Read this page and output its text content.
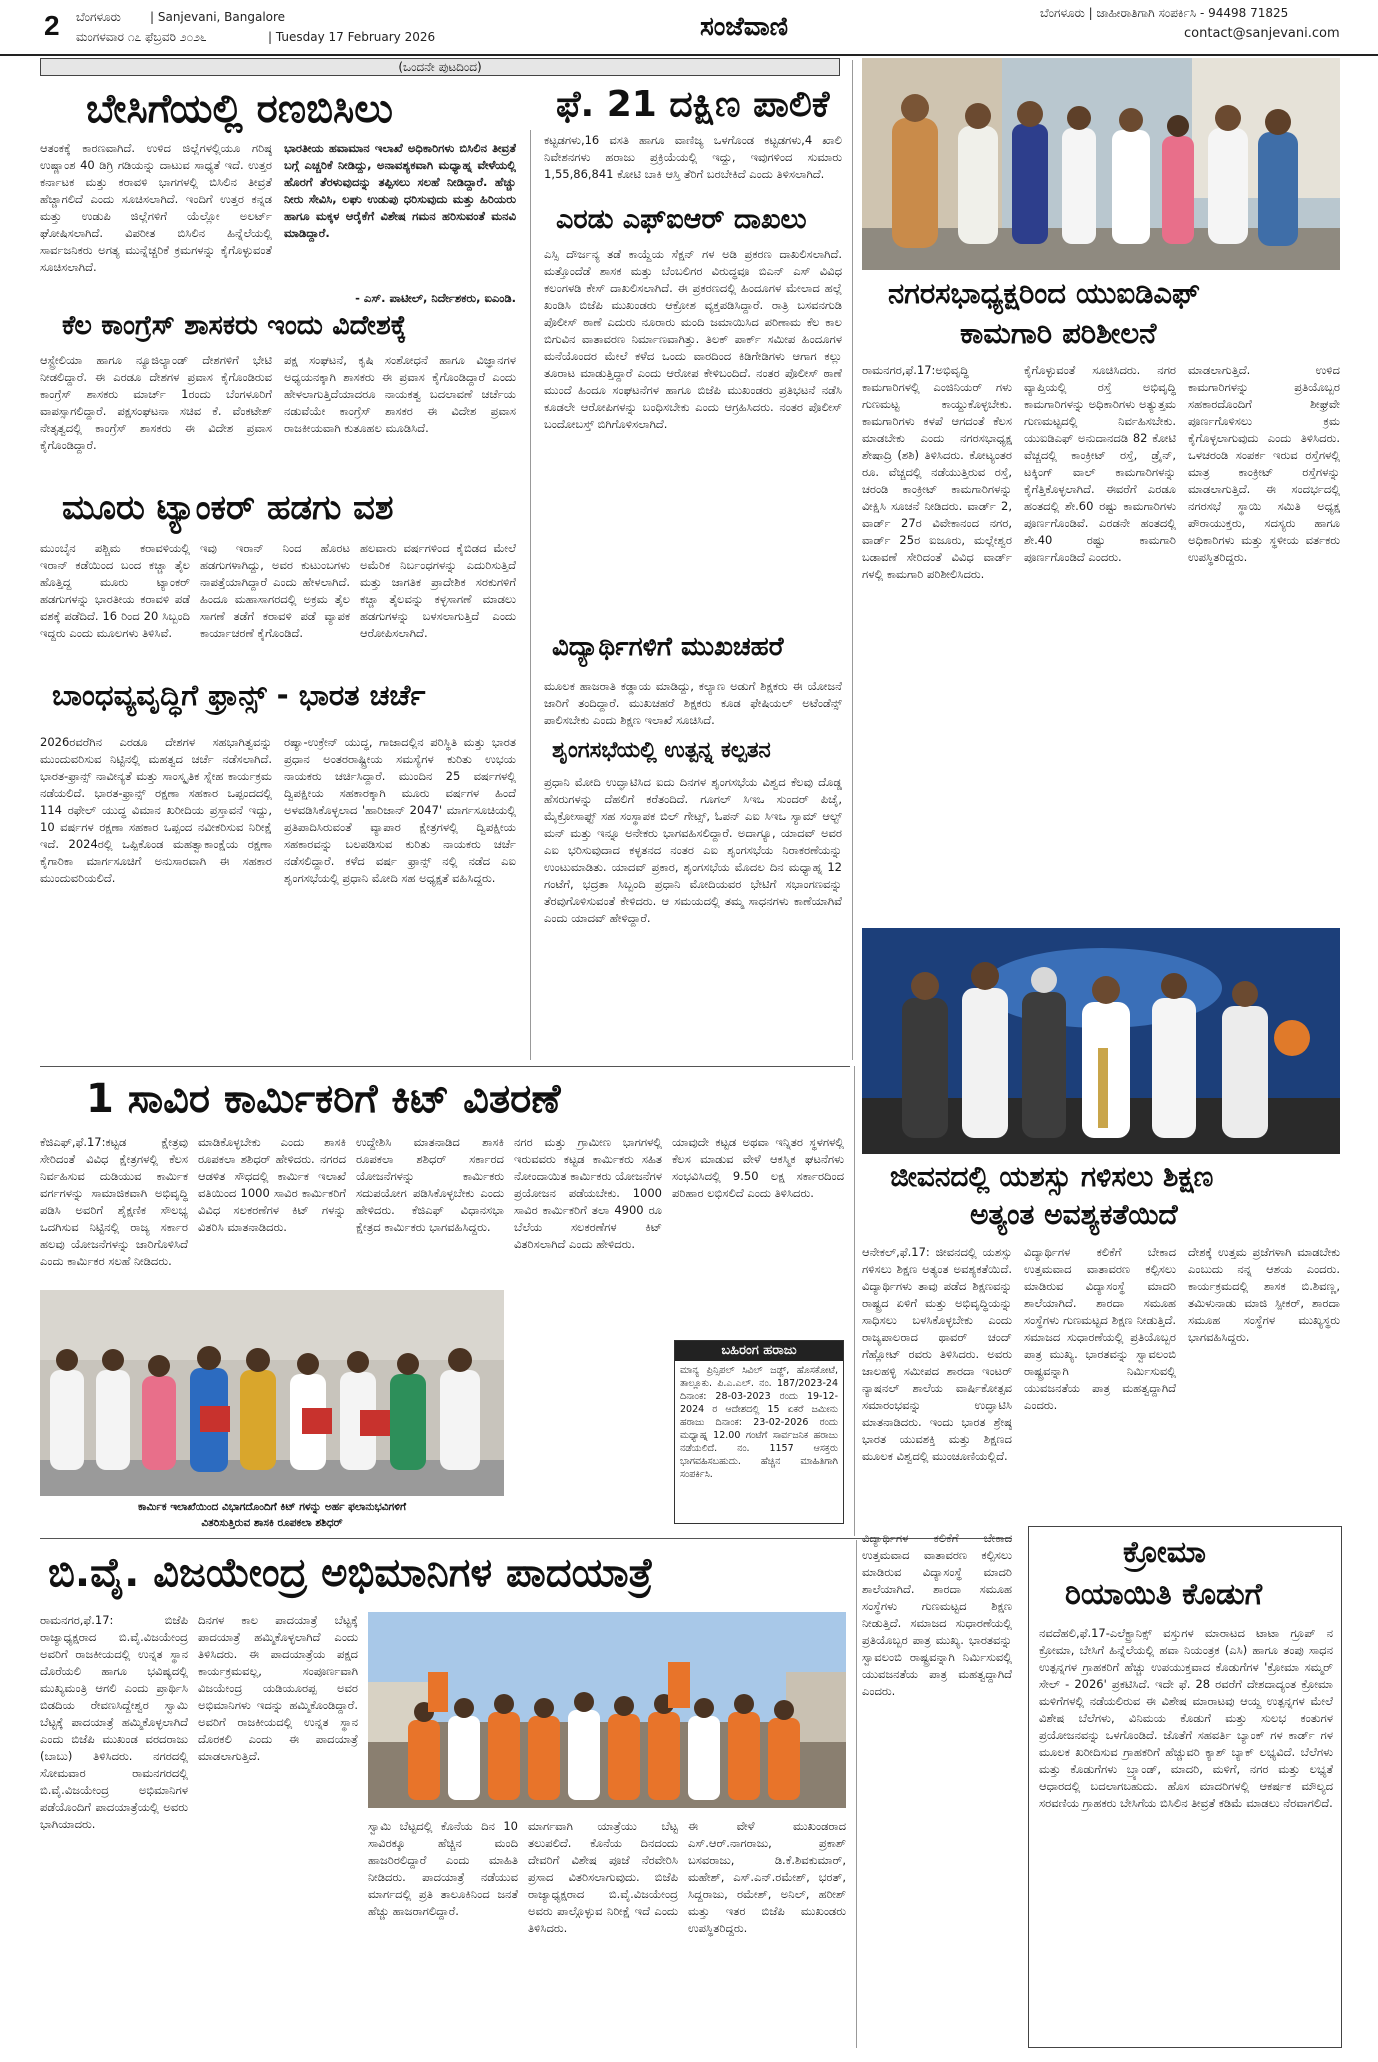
2 ಬೆಂಗಳೂರು | Sanjevani, Bangalore
ಮಂಗಳವಾರ ೧೭ ಫೆಬ್ರವರಿ ೨೦೨೬	| Tuesday 17 February 2026	ಸಂಜೆವಾಣಿ	ಬೆಂಗಳೂರು | ಜಾಹೀರಾತಿಗಾಗಿ ಸಂಪರ್ಕಿಸಿ - 94498 71825
contact@sanjevani.com
(ಒಂದನೇ ಪುಟದಿಂದ)
ಬೇಸಿಗೆಯಲ್ಲಿ ರಣಬಿಸಿಲು
ಆತಂಕಕ್ಕೆ ಕಾರಣವಾಗಿದೆ. ಉಳಿದ ಜಿಲ್ಲೆಗಳಲ್ಲಿಯೂ ಗರಿಷ್ಠ ಉಷ್ಣಾಂಶ 40 ಡಿಗ್ರಿ ಗಡಿಯನ್ನು ದಾಟುವ ಸಾಧ್ಯತೆ ಇದೆ. ಉತ್ತರ ಕರ್ನಾಟಕ ಮತ್ತು ಕರಾವಳಿ ಭಾಗಗಳಲ್ಲಿ ಬಿಸಿಲಿನ ತೀವ್ರತೆ ಹೆಚ್ಚಾಗಲಿದೆ ಎಂದು ಸೂಚಿಸಲಾಗಿದೆ. ಇಂದಿಗೆ ಉತ್ತರ ಕನ್ನಡ ಮತ್ತು ಉಡುಪಿ ಜಿಲ್ಲೆಗಳಿಗೆ ಯೆಲ್ಲೋ ಅಲರ್ಟ್ ಘೋಷಿಸಲಾಗಿದೆ. ವಿಪರೀತ ಬಿಸಿಲಿನ ಹಿನ್ನೆಲೆಯಲ್ಲಿ ಸಾರ್ವಜನಿಕರು ಅಗತ್ಯ ಮುನ್ನೆಚ್ಚರಿಕೆ ಕ್ರಮಗಳನ್ನು ಕೈಗೊಳ್ಳುವಂತೆ ಸೂಚಿಸಲಾಗಿದೆ.
ಭಾರತೀಯ ಹವಾಮಾನ ಇಲಾಖೆ ಅಧಿಕಾರಿಗಳು ಬಿಸಿಲಿನ ತೀವ್ರತೆ ಬಗ್ಗೆ ಎಚ್ಚರಿಕೆ ನೀಡಿದ್ದು, ಅನಾವಶ್ಯಕವಾಗಿ ಮಧ್ಯಾಹ್ನ ವೇಳೆಯಲ್ಲಿ ಹೊರಗೆ ತೆರಳುವುದನ್ನು ತಪ್ಪಿಸಲು ಸಲಹೆ ನೀಡಿದ್ದಾರೆ. ಹೆಚ್ಚು ನೀರು ಸೇವಿಸಿ, ಲಘು ಉಡುಪು ಧರಿಸುವುದು ಮತ್ತು ಹಿರಿಯರು ಹಾಗೂ ಮಕ್ಕಳ ಆರೈಕೆಗೆ ವಿಶೇಷ ಗಮನ ಹರಿಸುವಂತೆ ಮನವಿ ಮಾಡಿದ್ದಾರೆ.
- ಎಸ್. ಪಾಟೀಲ್, ನಿರ್ದೇಶಕರು, ಐಎಂಡಿ.
ಕೆಲ ಕಾಂಗ್ರೆಸ್ ಶಾಸಕರು ಇಂದು ವಿದೇಶಕ್ಕೆ
ಆಸ್ಟ್ರೇಲಿಯಾ ಹಾಗೂ ನ್ಯೂಜಿಲ್ಯಾಂಡ್ ದೇಶಗಳಿಗೆ ಭೇಟಿ ನೀಡಲಿದ್ದಾರೆ. ಈ ಎರಡೂ ದೇಶಗಳ ಪ್ರವಾಸ ಕೈಗೊಂಡಿರುವ ಕಾಂಗ್ರೆಸ್ ಶಾಸಕರು ಮಾರ್ಚ್ 1ರಂದು ಬೆಂಗಳೂರಿಗೆ ವಾಪಸ್ಸಾಗಲಿದ್ದಾರೆ. ಪಕ್ಷಸಂಘಟನಾ ಸಚಿವ ಕೆ. ವೆಂಕಟೇಶ್ ನೇತೃತ್ವದಲ್ಲಿ ಕಾಂಗ್ರೆಸ್ ಶಾಸಕರು ಈ ವಿದೇಶ ಪ್ರವಾಸ ಕೈಗೊಂಡಿದ್ದಾರೆ.
ಪಕ್ಷ ಸಂಘಟನೆ, ಕೃಷಿ ಸಂಶೋಧನೆ ಹಾಗೂ ವಿಜ್ಞಾನಗಳ ಅಧ್ಯಯನಕ್ಕಾಗಿ ಶಾಸಕರು ಈ ಪ್ರವಾಸ ಕೈಗೊಂಡಿದ್ದಾರೆ ಎಂದು ಹೇಳಲಾಗುತ್ತಿದೆಯಾದರೂ ನಾಯಕತ್ವ ಬದಲಾವಣೆ ಚರ್ಚೆಯ ನಡುವೆಯೇ ಕಾಂಗ್ರೆಸ್ ಶಾಸಕರ ಈ ವಿದೇಶ ಪ್ರವಾಸ ರಾಜಕೀಯವಾಗಿ ಕುತೂಹಲ ಮೂಡಿಸಿದೆ.
ಮೂರು ಟ್ಯಾಂಕರ್ ಹಡಗು ವಶ
ಮುಂಬೈನ ಪಶ್ಚಿಮ ಕರಾವಳಿಯಲ್ಲಿ ಇರಾನ್ ಕಡೆಯಿಂದ ಬಂದ ಕಚ್ಚಾ ತೈಲ ಹೊತ್ತಿದ್ದ ಮೂರು ಟ್ಯಾಂಕರ್ ಹಡಗುಗಳನ್ನು ಭಾರತೀಯ ಕರಾವಳಿ ಪಡೆ ವಶಕ್ಕೆ ಪಡೆದಿದೆ. 16 ರಿಂದ 20 ಸಿಬ್ಬಂದಿ ಇದ್ದರು ಎಂದು ಮೂಲಗಳು ತಿಳಿಸಿವೆ.
ಇವು ಇರಾನ್ ನಿಂದ ಹೊರಟ ಹಡಗುಗಳಾಗಿದ್ದು, ಅವರ ಕುಟುಂಬಗಳು ನಾಪತ್ತೆಯಾಗಿದ್ದಾರೆ ಎಂದು ಹೇಳಲಾಗಿದೆ. ಹಿಂದೂ ಮಹಾಸಾಗರದಲ್ಲಿ ಅಕ್ರಮ ತೈಲ ಸಾಗಣೆ ತಡೆಗೆ ಕರಾವಳಿ ಪಡೆ ವ್ಯಾಪಕ ಕಾರ್ಯಾಚರಣೆ ಕೈಗೊಂಡಿದೆ.
ಹಲವಾರು ವರ್ಷಗಳಿಂದ ಕೈಬಿಡದ ಮೇಲೆ ಅಮೆರಿಕ ನಿರ್ಬಂಧಗಳನ್ನು ಎದುರಿಸುತ್ತಿದೆ ಮತ್ತು ಜಾಗತಿಕ ಪ್ರಾದೇಶಿಕ ಸರಕುಗಳಿಗೆ ಕಚ್ಚಾ ತೈಲವನ್ನು ಕಳ್ಳಸಾಗಣೆ ಮಾಡಲು ಹಡಗುಗಳನ್ನು ಬಳಸಲಾಗುತ್ತಿದೆ ಎಂದು ಆರೋಪಿಸಲಾಗಿದೆ.
ಬಾಂಧವ್ಯವೃದ್ಧಿಗೆ ಫ್ರಾನ್ಸ್ - ಭಾರತ ಚರ್ಚೆ
2026ರವರೆಗಿನ ಎರಡೂ ದೇಶಗಳ ಸಹಭಾಗಿತ್ವವನ್ನು ಮುಂದುವರಿಸುವ ನಿಟ್ಟಿನಲ್ಲಿ ಮಹತ್ವದ ಚರ್ಚೆ ನಡೆಸಲಾಗಿದೆ. ಭಾರತ-ಫ್ರಾನ್ಸ್ ನಾವೀನ್ಯತೆ ಮತ್ತು ಸಾಂಸ್ಕೃತಿಕ ಸ್ನೇಹ ಕಾರ್ಯಕ್ರಮ ನಡೆಯಲಿದೆ. ಭಾರತ-ಫ್ರಾನ್ಸ್ ರಕ್ಷಣಾ ಸಹಕಾರ ಒಪ್ಪಂದದಲ್ಲಿ 114 ರಫೇಲ್ ಯುದ್ಧ ವಿಮಾನ ಖರೀದಿಯ ಪ್ರಸ್ತಾವನೆ ಇದ್ದು, 10 ವರ್ಷಗಳ ರಕ್ಷಣಾ ಸಹಕಾರ ಒಪ್ಪಂದ ನವೀಕರಿಸುವ ನಿರೀಕ್ಷೆ ಇದೆ. 2024ರಲ್ಲಿ ಒಪ್ಪಿಕೊಂಡ ಮಹತ್ವಾಕಾಂಕ್ಷೆಯ ರಕ್ಷಣಾ ಕೈಗಾರಿಕಾ ಮಾರ್ಗಸೂಚಿಗೆ ಅನುಸಾರವಾಗಿ ಈ ಸಹಕಾರ ಮುಂದುವರಿಯಲಿದೆ.
ರಷ್ಯಾ-ಉಕ್ರೇನ್ ಯುದ್ಧ, ಗಾಜಾದಲ್ಲಿನ ಪರಿಸ್ಥಿತಿ ಮತ್ತು ಭಾರತ ಪ್ರಧಾನ ಅಂತರರಾಷ್ಟ್ರೀಯ ಸಮಸ್ಯೆಗಳ ಕುರಿತು ಉಭಯ ನಾಯಕರು ಚರ್ಚಿಸಿದ್ದಾರೆ. ಮುಂದಿನ 25 ವರ್ಷಗಳಲ್ಲಿ ದ್ವಿಪಕ್ಷೀಯ ಸಹಕಾರಕ್ಕಾಗಿ ಮೂರು ವರ್ಷಗಳ ಹಿಂದೆ ಅಳವಡಿಸಿಕೊಳ್ಳಲಾದ 'ಹಾರಿಜಾನ್ 2047' ಮಾರ್ಗಸೂಚಿಯಲ್ಲಿ ಪ್ರತಿಪಾದಿಸಿರುವಂತೆ ವ್ಯಾಪಾರ ಕ್ಷೇತ್ರಗಳಲ್ಲಿ ದ್ವಿಪಕ್ಷೀಯ ಸಹಕಾರವನ್ನು ಬಲಪಡಿಸುವ ಕುರಿತು ನಾಯಕರು ಚರ್ಚೆ ನಡೆಸಲಿದ್ದಾರೆ. ಕಳೆದ ವರ್ಷ ಫ್ರಾನ್ಸ್ ನಲ್ಲಿ ನಡೆದ ಎಐ ಶೃಂಗಸಭೆಯಲ್ಲಿ ಪ್ರಧಾನಿ ಮೋದಿ ಸಹ ಅಧ್ಯಕ್ಷತೆ ವಹಿಸಿದ್ದರು.
ಫೆ. 21 ದಕ್ಷಿಣ ಪಾಲಿಕೆ
ಕಟ್ಟಡಗಳು,16 ವಸತಿ ಹಾಗೂ ವಾಣಿಜ್ಯ ಒಳಗೊಂಡ ಕಟ್ಟಡಗಳು,4 ಖಾಲಿ ನಿವೇಶನಗಳು ಹರಾಜು ಪ್ರಕ್ರಿಯೆಯಲ್ಲಿ ಇದ್ದು, ಇವುಗಳಿಂದ ಸುಮಾರು 1,55,86,841 ಕೋಟಿ ಬಾಕಿ ಆಸ್ತಿ ತೆರಿಗೆ ಬರಬೇಕಿದೆ ಎಂದು ತಿಳಿಸಲಾಗಿದೆ.
ಎರಡು ಎಫ್‌ಐಆರ್ ದಾಖಲು
ಎಸ್ಸಿ ದೌರ್ಜನ್ಯ ತಡೆ ಕಾಯ್ದೆಯ ಸೆಕ್ಷನ್ ಗಳ ಅಡಿ ಪ್ರಕರಣ ದಾಖಲಿಸಲಾಗಿದೆ. ಮತ್ತೊಂದೆಡೆ ಶಾಸಕ ಮತ್ತು ಬೆಂಬಲಿಗರ ವಿರುದ್ಧವೂ ಬಿಎನ್ ಎಸ್ ವಿವಿಧ ಕಲಂಗಳಡಿ ಕೇಸ್ ದಾಖಲಿಸಲಾಗಿದೆ. ಈ ಪ್ರಕರಣದಲ್ಲಿ ಹಿಂದೂಗಳ ಮೇಲಾದ ಹಲ್ಲೆ ಖಂಡಿಸಿ ಬಿಜೆಪಿ ಮುಖಂಡರು ಆಕ್ರೋಶ ವ್ಯಕ್ತಪಡಿಸಿದ್ದಾರೆ. ರಾತ್ರಿ ಬಸವನಗುಡಿ ಪೊಲೀಸ್ ಠಾಣೆ ಎದುರು ನೂರಾರು ಮಂದಿ ಜಮಾಯಿಸಿದ ಪರಿಣಾಮ ಕೆಲ ಕಾಲ ಬಿಗುವಿನ ವಾತಾವರಣ ನಿರ್ಮಾಣವಾಗಿತ್ತು. ತಿಲಕ್ ಪಾರ್ಕ್ ಸಮೀಪ ಹಿಂದೂಗಳ ಮನೆಯೊಂದರ ಮೇಲೆ ಕಳೆದ ಒಂದು ವಾರದಿಂದ ಕಿಡಿಗೇಡಿಗಳು ಆಗಾಗ ಕಲ್ಲು ತೂರಾಟ ಮಾಡುತ್ತಿದ್ದಾರೆ ಎಂದು ಆರೋಪ ಕೇಳಿಬಂದಿದೆ. ನಂತರ ಪೊಲೀಸ್ ಠಾಣೆ ಮುಂದೆ ಹಿಂದೂ ಸಂಘಟನೆಗಳ ಹಾಗೂ ಬಿಜೆಪಿ ಮುಖಂಡರು ಪ್ರತಿಭಟನೆ ನಡೆಸಿ ಕೂಡಲೇ ಆರೋಪಿಗಳನ್ನು ಬಂಧಿಸಬೇಕು ಎಂದು ಆಗ್ರಹಿಸಿದರು. ನಂತರ ಪೊಲೀಸ್ ಬಂದೋಬಸ್ತ್ ಬಿಗಿಗೊಳಿಸಲಾಗಿದೆ.
ವಿದ್ಯಾರ್ಥಿಗಳಿಗೆ ಮುಖಚಹರೆ
ಮೂಲಕ ಹಾಜರಾತಿ ಕಡ್ಡಾಯ ಮಾಡಿದ್ದು, ಕಲ್ಯಾಣ ಅಡುಗೆ ಶಿಕ್ಷಕರು ಈ ಯೋಜನೆ ಜಾರಿಗೆ ತಂದಿದ್ದಾರೆ. ಮುಖಚಹರೆ ಶಿಕ್ಷಕರು ಕೂಡ ಫೇಷಿಯಲ್ ಅಟೆಂಡೆನ್ಸ್ ಪಾಲಿಸಬೇಕು ಎಂದು ಶಿಕ್ಷಣ ಇಲಾಖೆ ಸೂಚಿಸಿದೆ.
ಶೃಂಗಸಭೆಯಲ್ಲಿ ಉತ್ಪನ್ನ ಕಲ್ಪತನ
ಪ್ರಧಾನಿ ಮೋದಿ ಉದ್ಘಾಟಿಸಿದ ಐದು ದಿನಗಳ ಶೃಂಗಸಭೆಯ ವಿಶ್ವದ ಕೆಲವು ದೊಡ್ಡ ಹೆಸರುಗಳನ್ನು ದೆಹಲಿಗೆ ಕರೆತಂದಿದೆ. ಗೂಗಲ್ ಸಿಇಒ ಸುಂದರ್ ಪಿಚೈ, ಮೈಕ್ರೋಸಾಫ್ಟ್ ಸಹ ಸಂಸ್ಥಾಪಕ ಬಿಲ್ ಗೇಟ್ಸ್, ಓಪನ್ ಎಐ ಸಿಇಒ ಸ್ಯಾಮ್ ಆಲ್ಟ್ ಮನ್ ಮತ್ತು ಇನ್ನೂ ಅನೇಕರು ಭಾಗವಹಿಸಲಿದ್ದಾರೆ. ಅದಾಗ್ಯೂ, ಯಾದವ್ ಅವರ ಎಐ ಭರಿಸುವುದಾದ ಕಳ್ಳತನದ ನಂತರ ಎಐ ಶೃಂಗಸಭೆಯ ನಿರಾಕರಣೆಯನ್ನು ಉಂಟುಮಾಡಿತು. ಯಾದವ್ ಪ್ರಕಾರ, ಶೃಂಗಸಭೆಯ ಮೊದಲ ದಿನ ಮಧ್ಯಾಹ್ನ 12 ಗಂಟೆಗೆ, ಭದ್ರತಾ ಸಿಬ್ಬಂದಿ ಪ್ರಧಾನಿ ಮೋದಿಯವರ ಭೇಟಿಗೆ ಸಭಾಂಗಣವನ್ನು ತೆರವುಗೊಳಿಸುವಂತೆ ಕೇಳಿದರು. ಆ ಸಮಯದಲ್ಲಿ ತಮ್ಮ ಸಾಧನಗಳು ಕಾಣೆಯಾಗಿವೆ ಎಂದು ಯಾದವ್ ಹೇಳಿದ್ದಾರೆ.
ನಗರಸಭಾಧ್ಯಕ್ಷರಿಂದ ಯುಐಡಿಎಫ್
ಕಾಮಗಾರಿ ಪರಿಶೀಲನೆ
ರಾಮನಗರ,ಫೆ.17:ಅಭಿವೃದ್ಧಿ ಕಾಮಗಾರಿಗಳಲ್ಲಿ ಎಂಜಿನಿಯರ್ ಗಳು ಗುಣಮಟ್ಟ ಕಾಯ್ದುಕೊಳ್ಳಬೇಕು. ಕಾಮಗಾರಿಗಳು ಕಳಪೆ ಆಗದಂತೆ ಕೆಲಸ ಮಾಡಬೇಕು ಎಂದು ನಗರಸಭಾಧ್ಯಕ್ಷ ಶೇಷಾದ್ರಿ (ಶಶಿ) ತಿಳಿಸಿದರು. ಕೋಟ್ಯಂತರ ರೂ. ವೆಚ್ಚದಲ್ಲಿ ನಡೆಯುತ್ತಿರುವ ರಸ್ತೆ, ಚರಂಡಿ ಕಾಂಕ್ರೀಟ್ ಕಾಮಗಾರಿಗಳನ್ನು ವೀಕ್ಷಿಸಿ ಸೂಚನೆ ನೀಡಿದರು. ವಾರ್ಡ್ 2, ವಾರ್ಡ್ 27ರ ವಿವೇಕಾನಂದ ನಗರ, ವಾರ್ಡ್ 25ರ ಐಜೂರು, ಮಲ್ಲೇಶ್ವರ ಬಡಾವಣೆ ಸೇರಿದಂತೆ ವಿವಿಧ ವಾರ್ಡ್ ಗಳಲ್ಲಿ ಕಾಮಗಾರಿ ಪರಿಶೀಲಿಸಿದರು.
ಕೈಗೊಳ್ಳುವಂತೆ ಸೂಚಿಸಿದರು. ನಗರ ವ್ಯಾಪ್ತಿಯಲ್ಲಿ ರಸ್ತೆ ಅಭಿವೃದ್ಧಿ ಕಾಮಗಾರಿಗಳನ್ನು ಅಧಿಕಾರಿಗಳು ಅತ್ಯುತ್ತಮ ಗುಣಮಟ್ಟದಲ್ಲಿ ನಿರ್ವಹಿಸಬೇಕು. ಯುಐಡಿಎಫ್ ಅನುದಾನದಡಿ 82 ಕೋಟಿ ವೆಚ್ಚದಲ್ಲಿ ಕಾಂಕ್ರೀಟ್ ರಸ್ತೆ, ಡ್ರೈನ್, ಟಕ್ಕಿಂಗ್ ವಾಲ್ ಕಾಮಗಾರಿಗಳನ್ನು ಕೈಗೆತ್ತಿಕೊಳ್ಳಲಾಗಿದೆ. ಈವರೆಗೆ ಎರಡೂ ಹಂತದಲ್ಲಿ ಶೇ.60 ರಷ್ಟು ಕಾಮಗಾರಿಗಳು ಪೂರ್ಣಗೊಂಡಿವೆ. ಎರಡನೇ ಹಂತದಲ್ಲಿ ಶೇ.40 ರಷ್ಟು ಕಾಮಗಾರಿ ಪೂರ್ಣಗೊಂಡಿದೆ ಎಂದರು.
ಮಾಡಲಾಗುತ್ತಿದೆ. ಉಳಿದ ಕಾಮಗಾರಿಗಳನ್ನು ಪ್ರತಿಯೊಬ್ಬರ ಸಹಕಾರದೊಂದಿಗೆ ಶೀಘ್ರವೇ ಪೂರ್ಣಗೊಳಿಸಲು ಕ್ರಮ ಕೈಗೊಳ್ಳಲಾಗುವುದು ಎಂದು ತಿಳಿಸಿದರು. ಒಳಚರಂಡಿ ಸಂಪರ್ಕ ಇರುವ ರಸ್ತೆಗಳಲ್ಲಿ ಮಾತ್ರ ಕಾಂಕ್ರೀಟ್ ರಸ್ತೆಗಳನ್ನು ಮಾಡಲಾಗುತ್ತಿದೆ. ಈ ಸಂದರ್ಭದಲ್ಲಿ ನಗರಸಭೆ ಸ್ಥಾಯಿ ಸಮಿತಿ ಅಧ್ಯಕ್ಷ ಪೌರಾಯುಕ್ತರು, ಸದಸ್ಯರು ಹಾಗೂ ಅಧಿಕಾರಿಗಳು ಮತ್ತು ಸ್ಥಳೀಯ ವರ್ತಕರು ಉಪಸ್ಥಿತರಿದ್ದರು.
ಜೀವನದಲ್ಲಿ ಯಶಸ್ಸು ಗಳಿಸಲು ಶಿಕ್ಷಣ
ಅತ್ಯಂತ ಅವಶ್ಯಕತೆಯಿದೆ
ಆನೇಕಲ್,ಫೆ.17: ಜೀವನದಲ್ಲಿ ಯಶಸ್ಸು ಗಳಿಸಲು ಶಿಕ್ಷಣ ಅತ್ಯಂತ ಅವಶ್ಯಕತೆಯಿದೆ. ವಿದ್ಯಾರ್ಥಿಗಳು ತಾವು ಪಡೆದ ಶಿಕ್ಷಣವನ್ನು ರಾಷ್ಟ್ರದ ಏಳಿಗೆ ಮತ್ತು ಅಭಿವೃದ್ಧಿಯನ್ನು ಸಾಧಿಸಲು ಬಳಸಿಕೊಳ್ಳಬೇಕು ಎಂದು ರಾಜ್ಯಪಾಲರಾದ ಥಾವರ್ ಚಂದ್ ಗೆಹ್ಲೋಟ್ ರವರು ತಿಳಿಸಿದರು. ಅವರು ಜಾಲಹಳ್ಳಿ ಸಮೀಪದ ಶಾರದಾ ಇಂಟರ್ ನ್ಯಾಷನಲ್ ಶಾಲೆಯ ವಾರ್ಷಿಕೋತ್ಸವ ಸಮಾರಂಭವನ್ನು ಉದ್ಘಾಟಿಸಿ ಮಾತನಾಡಿದರು. ಇಂದು ಭಾರತ ಶ್ರೇಷ್ಠ ಭಾರತ ಯುವಶಕ್ತಿ ಮತ್ತು ಶಿಕ್ಷಣದ ಮೂಲಕ ವಿಶ್ವದಲ್ಲಿ ಮುಂಚೂಣಿಯಲ್ಲಿದೆ.
ವಿದ್ಯಾರ್ಥಿಗಳ ಕಲಿಕೆಗೆ ಬೇಕಾದ ಉತ್ತಮವಾದ ವಾತಾವರಣ ಕಲ್ಪಿಸಲು ಮಾಡಿರುವ ವಿದ್ಯಾಸಂಸ್ಥೆ ಮಾದರಿ ಶಾಲೆಯಾಗಿದೆ. ಶಾರದಾ ಸಮೂಹ ಸಂಸ್ಥೆಗಳು ಗುಣಮಟ್ಟದ ಶಿಕ್ಷಣ ನೀಡುತ್ತಿದೆ. ಸಮಾಜದ ಸುಧಾರಣೆಯಲ್ಲಿ ಪ್ರತಿಯೊಬ್ಬರ ಪಾತ್ರ ಮುಖ್ಯ. ಭಾರತವನ್ನು ಸ್ವಾವಲಂಬಿ ರಾಷ್ಟ್ರವನ್ನಾಗಿ ನಿರ್ಮಿಸುವಲ್ಲಿ ಯುವಜನತೆಯ ಪಾತ್ರ ಮಹತ್ವದ್ದಾಗಿದೆ ಎಂದರು.
ದೇಶಕ್ಕೆ ಉತ್ತಮ ಪ್ರಜೆಗಳಾಗಿ ಮಾಡಬೇಕು ಎಂಬುದು ನನ್ನ ಆಶಯ ಎಂದರು. ಕಾರ್ಯಕ್ರಮದಲ್ಲಿ ಶಾಸಕ ಬಿ.ಶಿವಣ್ಣ, ತಮಿಳುನಾಡು ಮಾಜಿ ಸ್ಪೀಕರ್, ಶಾರದಾ ಸಮೂಹ ಸಂಸ್ಥೆಗಳ ಮುಖ್ಯಸ್ಥರು ಭಾಗವಹಿಸಿದ್ದರು.
1 ಸಾವಿರ ಕಾರ್ಮಿಕರಿಗೆ ಕಿಟ್ ವಿತರಣೆ
ಕೆಜಿಎಫ್,ಫೆ.17:ಕಟ್ಟಡ ಕ್ಷೇತ್ರವು ಸೇರಿದಂತೆ ವಿವಿಧ ಕ್ಷೇತ್ರಗಳಲ್ಲಿ ಕೆಲಸ ನಿರ್ವಹಿಸುವ ದುಡಿಯುವ ಕಾರ್ಮಿಕ ವರ್ಗಗಳನ್ನು ಸಾಮಾಜಿಕವಾಗಿ ಅಭಿವೃದ್ಧಿ ಪಡಿಸಿ ಅವರಿಗೆ ಶೈಕ್ಷಣಿಕ ಸೌಲಭ್ಯ ಒದಗಿಸುವ ನಿಟ್ಟಿನಲ್ಲಿ ರಾಜ್ಯ ಸರ್ಕಾರ ಹಲವು ಯೋಜನೆಗಳನ್ನು ಜಾರಿಗೊಳಿಸಿದೆ ಎಂದು ಕಾರ್ಮಿಕರ ಸಲಹೆ ನೀಡಿದರು.
ಮಾಡಿಕೊಳ್ಳಬೇಕು ಎಂದು ಶಾಸಕಿ ರೂಪಕಲಾ ಶಶಿಧರ್ ಹೇಳಿದರು. ನಗರದ ಆಡಳಿತ ಸೌಧದಲ್ಲಿ ಕಾರ್ಮಿಕ ಇಲಾಖೆ ವತಿಯಿಂದ 1000 ಸಾವಿರ ಕಾರ್ಮಿಕರಿಗೆ ವಿವಿಧ ಸಲಕರಣೆಗಳ ಕಿಟ್ ಗಳನ್ನು ವಿತರಿಸಿ ಮಾತನಾಡಿದರು.
ಉದ್ದೇಶಿಸಿ ಮಾತನಾಡಿದ ಶಾಸಕಿ ರೂಪಕಲಾ ಶಶಿಧರ್ ಸರ್ಕಾರದ ಯೋಜನೆಗಳನ್ನು ಕಾರ್ಮಿಕರು ಸದುಪಯೋಗ ಪಡಿಸಿಕೊಳ್ಳಬೇಕು ಎಂದು ಹೇಳಿದರು. ಕೆಜಿಎಫ್ ವಿಧಾನಸಭಾ ಕ್ಷೇತ್ರದ ಕಾರ್ಮಿಕರು ಭಾಗವಹಿಸಿದ್ದರು.
ನಗರ ಮತ್ತು ಗ್ರಾಮೀಣ ಭಾಗಗಳಲ್ಲಿ ಇರುವವರು ಕಟ್ಟಡ ಕಾರ್ಮಿಕರು ಸಹಿತ ನೋಂದಾಯಿತ ಕಾರ್ಮಿಕರು ಯೋಜನೆಗಳ ಪ್ರಯೋಜನ ಪಡೆಯಬೇಕು. 1000 ಸಾವಿರ ಕಾರ್ಮಿಕರಿಗೆ ತಲಾ 4900 ರೂ ಬೆಲೆಯ ಸಲಕರಣೆಗಳ ಕಿಟ್ ವಿತರಿಸಲಾಗಿದೆ ಎಂದು ಹೇಳಿದರು.
ಯಾವುದೇ ಕಟ್ಟಡ ಅಥವಾ ಇನ್ನಿತರ ಸ್ಥಳಗಳಲ್ಲಿ ಕೆಲಸ ಮಾಡುವ ವೇಳೆ ಆಕಸ್ಮಿಕ ಘಟನೆಗಳು ಸಂಭವಿಸಿದಲ್ಲಿ 9.50 ಲಕ್ಷ ಸರ್ಕಾರದಿಂದ ಪರಿಹಾರ ಲಭಿಸಲಿದೆ ಎಂದು ತಿಳಿಸಿದರು.
ಕಾರ್ಮಿಕ ಇಲಾಖೆಯಿಂದ ವಿಭಾಗದೊಂದಿಗೆ ಕಿಟ್ ಗಳನ್ನು ಅರ್ಹ ಫಲಾನುಭವಿಗಳಿಗೆ
ವಿತರಿಸುತ್ತಿರುವ ಶಾಸಕಿ ರೂಪಕಲಾ ಶಶಿಧರ್
ಬಹಿರಂಗ ಹರಾಜು
ಮಾನ್ಯ ಪ್ರಿನ್ಸಿಪಲ್ ಸಿವಿಲ್ ಜಡ್ಜ್, ಹೊಸಕೋಟೆ, ತಾಲ್ಲೂಕು. ಪಿ.ಎ.ಎಲ್. ನಂ. 187/2023-24 ದಿನಾಂಕ: 28-03-2023 ರಂದು 19-12-2024 ರ ಆದೇಶದಲ್ಲಿ 15 ಏಕರೆ ಜಮೀನು ಹರಾಜು ದಿನಾಂಕ: 23-02-2026 ರಂದು ಮಧ್ಯಾಹ್ನ 12.00 ಗಂಟೆಗೆ ಸಾರ್ವಜನಿಕ ಹರಾಜು ನಡೆಯಲಿದೆ. ನಂ. 1157 ಆಸಕ್ತರು ಭಾಗವಹಿಸಬಹುದು. ಹೆಚ್ಚಿನ ಮಾಹಿತಿಗಾಗಿ ಸಂಪರ್ಕಿಸಿ.
ಬಿ.ವೈ. ವಿಜಯೇಂದ್ರ ಅಭಿಮಾನಿಗಳ ಪಾದಯಾತ್ರೆ
ರಾಮನಗರ,ಫೆ.17: ಬಿಜೆಪಿ ರಾಜ್ಯಾಧ್ಯಕ್ಷರಾದ ಬಿ.ವೈ.ವಿಜಯೇಂದ್ರ ಅವರಿಗೆ ರಾಜಕೀಯದಲ್ಲಿ ಉನ್ನತ ಸ್ಥಾನ ದೊರೆಯಲಿ ಹಾಗೂ ಭವಿಷ್ಯದಲ್ಲಿ ಮುಖ್ಯಮಂತ್ರಿ ಆಗಲಿ ಎಂದು ಪ್ರಾರ್ಥಿಸಿ ಬಿಡದಿಯ ರೇವಣಸಿದ್ದೇಶ್ವರ ಸ್ವಾಮಿ ಬೆಟ್ಟಕ್ಕೆ ಪಾದಯಾತ್ರೆ ಹಮ್ಮಿಕೊಳ್ಳಲಾಗಿದೆ ಎಂದು ಬಿಜೆಪಿ ಮುಖಂಡ ವರದರಾಜು (ಬಾಬು) ತಿಳಿಸಿದರು. ನಗರದಲ್ಲಿ ಸೋಮವಾರ ರಾಮನಗರದಲ್ಲಿ ಬಿ.ವೈ.ವಿಜಯೇಂದ್ರ ಅಭಿಮಾನಿಗಳ ಪಡೆಯೊಂದಿಗೆ ಪಾದಯಾತ್ರೆಯಲ್ಲಿ ಅವರು ಭಾಗಿಯಾದರು.
ದಿನಗಳ ಕಾಲ ಪಾದಯಾತ್ರೆ ಬೆಟ್ಟಕ್ಕೆ ಪಾದಯಾತ್ರೆ ಹಮ್ಮಿಕೊಳ್ಳಲಾಗಿದೆ ಎಂದು ತಿಳಿಸಿದರು. ಈ ಪಾದಯಾತ್ರೆಯ ಪಕ್ಷದ ಕಾರ್ಯಕ್ರಮವಲ್ಲ, ಸಂಪೂರ್ಣವಾಗಿ ವಿಜಯೇಂದ್ರ ಯಡಿಯೂರಪ್ಪ ಅವರ ಅಭಿಮಾನಿಗಳು ಇದನ್ನು ಹಮ್ಮಿಕೊಂಡಿದ್ದಾರೆ. ಅವರಿಗೆ ರಾಜಕೀಯದಲ್ಲಿ ಉನ್ನತ ಸ್ಥಾನ ದೊರಕಲಿ ಎಂದು ಈ ಪಾದಯಾತ್ರೆ ಮಾಡಲಾಗುತ್ತಿದೆ.
ಸ್ವಾಮಿ ಬೆಟ್ಟದಲ್ಲಿ ಕೊನೆಯ ದಿನ 10 ಸಾವಿರಕ್ಕೂ ಹೆಚ್ಚಿನ ಮಂದಿ ಹಾಜರಿರಲಿದ್ದಾರೆ ಎಂದು ಮಾಹಿತಿ ನೀಡಿದರು. ಪಾದಯಾತ್ರೆ ನಡೆಯುವ ಮಾರ್ಗದಲ್ಲಿ ಪ್ರತಿ ತಾಲೂಕಿನಿಂದ ಜನತೆ ಹೆಚ್ಚು ಹಾಜರಾಗಲಿದ್ದಾರೆ.
ಮಾರ್ಗವಾಗಿ ಯಾತ್ರೆಯು ಬೆಟ್ಟ ತಲುಪಲಿದೆ. ಕೊನೆಯ ದಿನದಂದು ದೇವರಿಗೆ ವಿಶೇಷ ಪೂಜೆ ನೆರವೇರಿಸಿ ಪ್ರಸಾದ ವಿತರಿಸಲಾಗುವುದು. ಬಿಜೆಪಿ ರಾಜ್ಯಾಧ್ಯಕ್ಷರಾದ ಬಿ.ವೈ.ವಿಜಯೇಂದ್ರ ಅವರು ಪಾಲ್ಗೊಳ್ಳುವ ನಿರೀಕ್ಷೆ ಇದೆ ಎಂದು ತಿಳಿಸಿದರು.
ಈ ವೇಳೆ ಮುಖಂಡರಾದ ಎಸ್.ಆರ್.ನಾಗರಾಜು, ಪ್ರಕಾಶ್ ಬಸವರಾಜು, ಡಿ.ಕೆ.ಶಿವಕುಮಾರ್, ಮಹೇಶ್, ಎಸ್.ಎನ್.ರಮೇಶ್, ಭರತ್, ಸಿದ್ದರಾಜು, ರಮೇಶ್, ಅನಿಲ್, ಹರೀಶ್ ಮತ್ತು ಇತರ ಬಿಜೆಪಿ ಮುಖಂಡರು ಉಪಸ್ಥಿತರಿದ್ದರು.
ವಿದ್ಯಾರ್ಥಿಗಳ ಕಲಿಕೆಗೆ ಬೇಕಾದ ಉತ್ತಮವಾದ ವಾತಾವರಣ ಕಲ್ಪಿಸಲು ಮಾಡಿರುವ ವಿದ್ಯಾಸಂಸ್ಥೆ ಮಾದರಿ ಶಾಲೆಯಾಗಿದೆ. ಶಾರದಾ ಸಮೂಹ ಸಂಸ್ಥೆಗಳು ಗುಣಮಟ್ಟದ ಶಿಕ್ಷಣ ನೀಡುತ್ತಿದೆ. ಸಮಾಜದ ಸುಧಾರಣೆಯಲ್ಲಿ ಪ್ರತಿಯೊಬ್ಬರ ಪಾತ್ರ ಮುಖ್ಯ. ಭಾರತವನ್ನು ಸ್ವಾವಲಂಬಿ ರಾಷ್ಟ್ರವನ್ನಾಗಿ ನಿರ್ಮಿಸುವಲ್ಲಿ ಯುವಜನತೆಯ ಪಾತ್ರ ಮಹತ್ವದ್ದಾಗಿದೆ ಎಂದರು.
ಕ್ರೋಮಾ
ರಿಯಾಯಿತಿ ಕೊಡುಗೆ
ನವದೆಹಲಿ,ಫೆ.17-ಎಲೆಕ್ಟ್ರಾನಿಕ್ಸ್ ವಸ್ತುಗಳ ಮಾರಾಟದ ಟಾಟಾ ಗ್ರೂಪ್ ನ ಕ್ರೋಮಾ, ಬೇಸಿಗೆ ಹಿನ್ನೆಲೆಯಲ್ಲಿ ಹವಾ ನಿಯಂತ್ರಕ (ಎಸಿ) ಹಾಗೂ ತಂಪು ಸಾಧನ ಉತ್ಪನ್ನಗಳ ಗ್ರಾಹಕರಿಗೆ ಹೆಚ್ಚು ಉಪಯುಕ್ತವಾದ ಕೊಡುಗೆಗಳ 'ಕ್ರೋಮಾ ಸಮ್ಮರ್ ಸೇಲ್ - 2026' ಪ್ರಕಟಿಸಿದೆ. ಇದೇ ಫೆ. 28 ರವರೆಗೆ ದೇಶದಾದ್ಯಂತ ಕ್ರೋಮಾ ಮಳಿಗೆಗಳಲ್ಲಿ ನಡೆಯಲಿರುವ ಈ ವಿಶೇಷ ಮಾರಾಟವು ಆಯ್ದ ಉತ್ಪನ್ನಗಳ ಮೇಲೆ ವಿಶೇಷ ಬೆಲೆಗಳು, ವಿನಿಮಯ ಕೊಡುಗೆ ಮತ್ತು ಸುಲಭ ಕಂತುಗಳ ಪ್ರಯೋಜನವನ್ನು ಒಳಗೊಂಡಿದೆ. ಜೊತೆಗೆ ಸಹವರ್ತಿ ಬ್ಯಾಂಕ್ ಗಳ ಕಾರ್ಡ್ ಗಳ ಮೂಲಕ ಖರೀದಿಸುವ ಗ್ರಾಹಕರಿಗೆ ಹೆಚ್ಚುವರಿ ಕ್ಯಾಶ್ ಬ್ಯಾಕ್ ಲಭ್ಯವಿದೆ. ಬೆಲೆಗಳು ಮತ್ತು ಕೊಡುಗೆಗಳು ಬ್ರ್ಯಾಂಡ್, ಮಾದರಿ, ಮಳಿಗೆ, ನಗರ ಮತ್ತು ಲಭ್ಯತೆ ಆಧಾರದಲ್ಲಿ ಬದಲಾಗಬಹುದು. ಹೊಸ ಮಾದರಿಗಳಲ್ಲಿ ಆಕರ್ಷಕ ಮೌಲ್ಯದ ಸರವಣಿಯ ಗ್ರಾಹಕರು ಬೇಸಿಗೆಯ ಬಿಸಿಲಿನ ತೀವ್ರತೆ ಕಡಿಮೆ ಮಾಡಲು ನೆರವಾಗಲಿದೆ.
